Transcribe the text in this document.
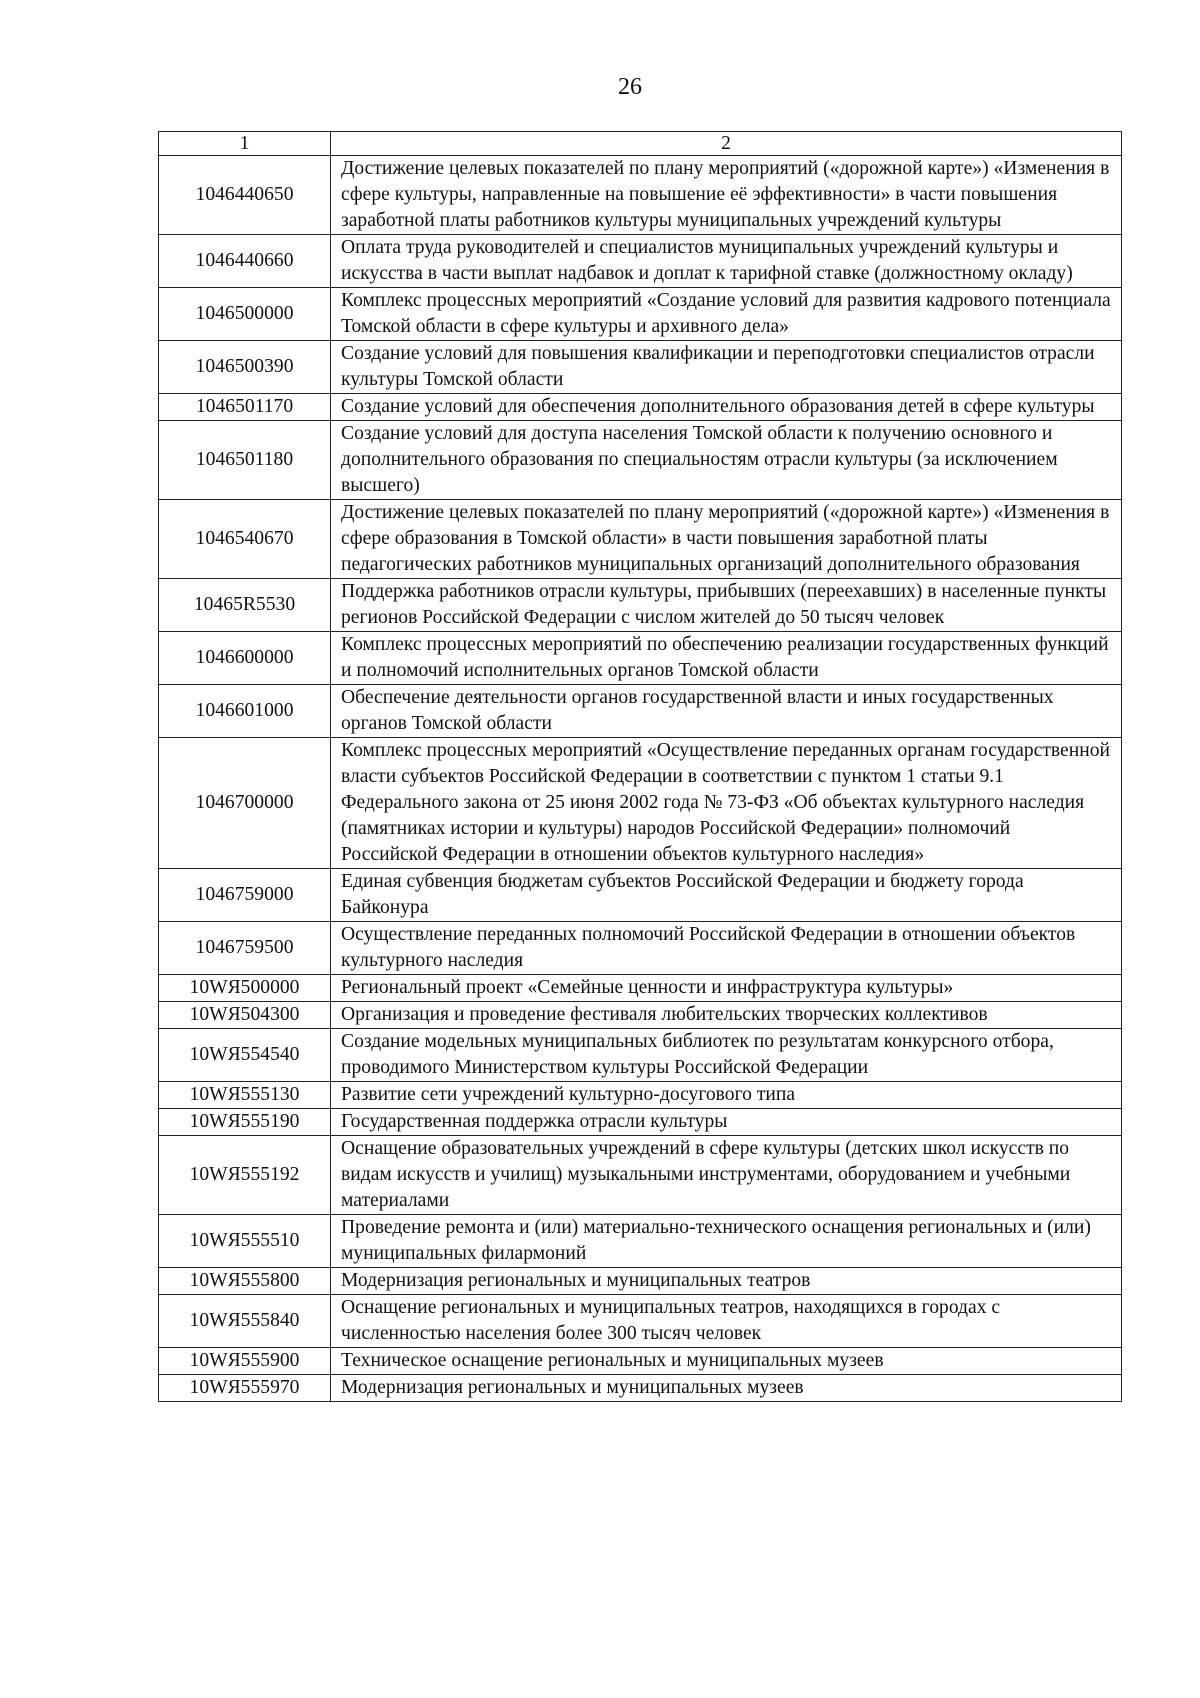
26
1	2
1046440650	Достижение целевых показателей по плану мероприятий («дорожной карте») «Изменения в сфере культуры, направленные на повышение её эффективности» в части повышения заработной платы работников культуры муниципальных учреждений культуры
1046440660	Оплата труда руководителей и специалистов муниципальных учреждений культуры и искусства в части выплат надбавок и доплат к тарифной ставке (должностному окладу)
1046500000	Комплекс процессных мероприятий «Создание условий для развития кадрового потенциала Томской области в сфере культуры и архивного дела»
1046500390	Создание условий для повышения квалификации и переподготовки специалистов отрасли культуры Томской области
1046501170	Создание условий для обеспечения дополнительного образования детей в сфере культуры
1046501180	Создание условий для доступа населения Томской области к получению основного и дополнительного образования по специальностям отрасли культуры (за исключением высшего)
1046540670	Достижение целевых показателей по плану мероприятий («дорожной карте») «Изменения в сфере образования в Томской области» в части повышения заработной платы педагогических работников муниципальных организаций дополнительного образования
10465R5530	Поддержка работников отрасли культуры, прибывших (переехавших) в населенные пункты регионов Российской Федерации с числом жителей до 50 тысяч человек
1046600000	Комплекс процессных мероприятий по обеспечению реализации государственных функций и полномочий исполнительных органов Томской области
1046601000	Обеспечение деятельности органов государственной власти и иных государственных органов Томской области
1046700000	Комплекс процессных мероприятий «Осуществление переданных органам государственной власти субъектов Российской Федерации в соответствии с пунктом 1 статьи 9.1 Федерального закона от 25 июня 2002 года № 73-ФЗ «Об объектах культурного наследия (памятниках истории и культуры) народов Российской Федерации» полномочий Российской Федерации в отношении объектов культурного наследия»
1046759000	Единая субвенция бюджетам субъектов Российской Федерации и бюджету города Байконура
1046759500	Осуществление переданных полномочий Российской Федерации в отношении объектов культурного наследия
10WЯ500000	Региональный проект «Семейные ценности и инфраструктура культуры»
10WЯ504300	Организация и проведение фестиваля любительских творческих коллективов
10WЯ554540	Создание модельных муниципальных библиотек по результатам конкурсного отбора, проводимого Министерством культуры Российской Федерации
10WЯ555130	Развитие сети учреждений культурно-досугового типа
10WЯ555190	Государственная поддержка отрасли культуры
10WЯ555192	Оснащение образовательных учреждений в сфере культуры (детских школ искусств по видам искусств и училищ) музыкальными инструментами, оборудованием и учебными материалами
10WЯ555510	Проведение ремонта и (или) материально-технического оснащения региональных и (или) муниципальных филармоний
10WЯ555800	Модернизация региональных и муниципальных театров
10WЯ555840	Оснащение региональных и муниципальных театров, находящихся в городах с численностью населения более 300 тысяч человек
10WЯ555900	Техническое оснащение региональных и муниципальных музеев
10WЯ555970	Модернизация региональных и муниципальных музеев
